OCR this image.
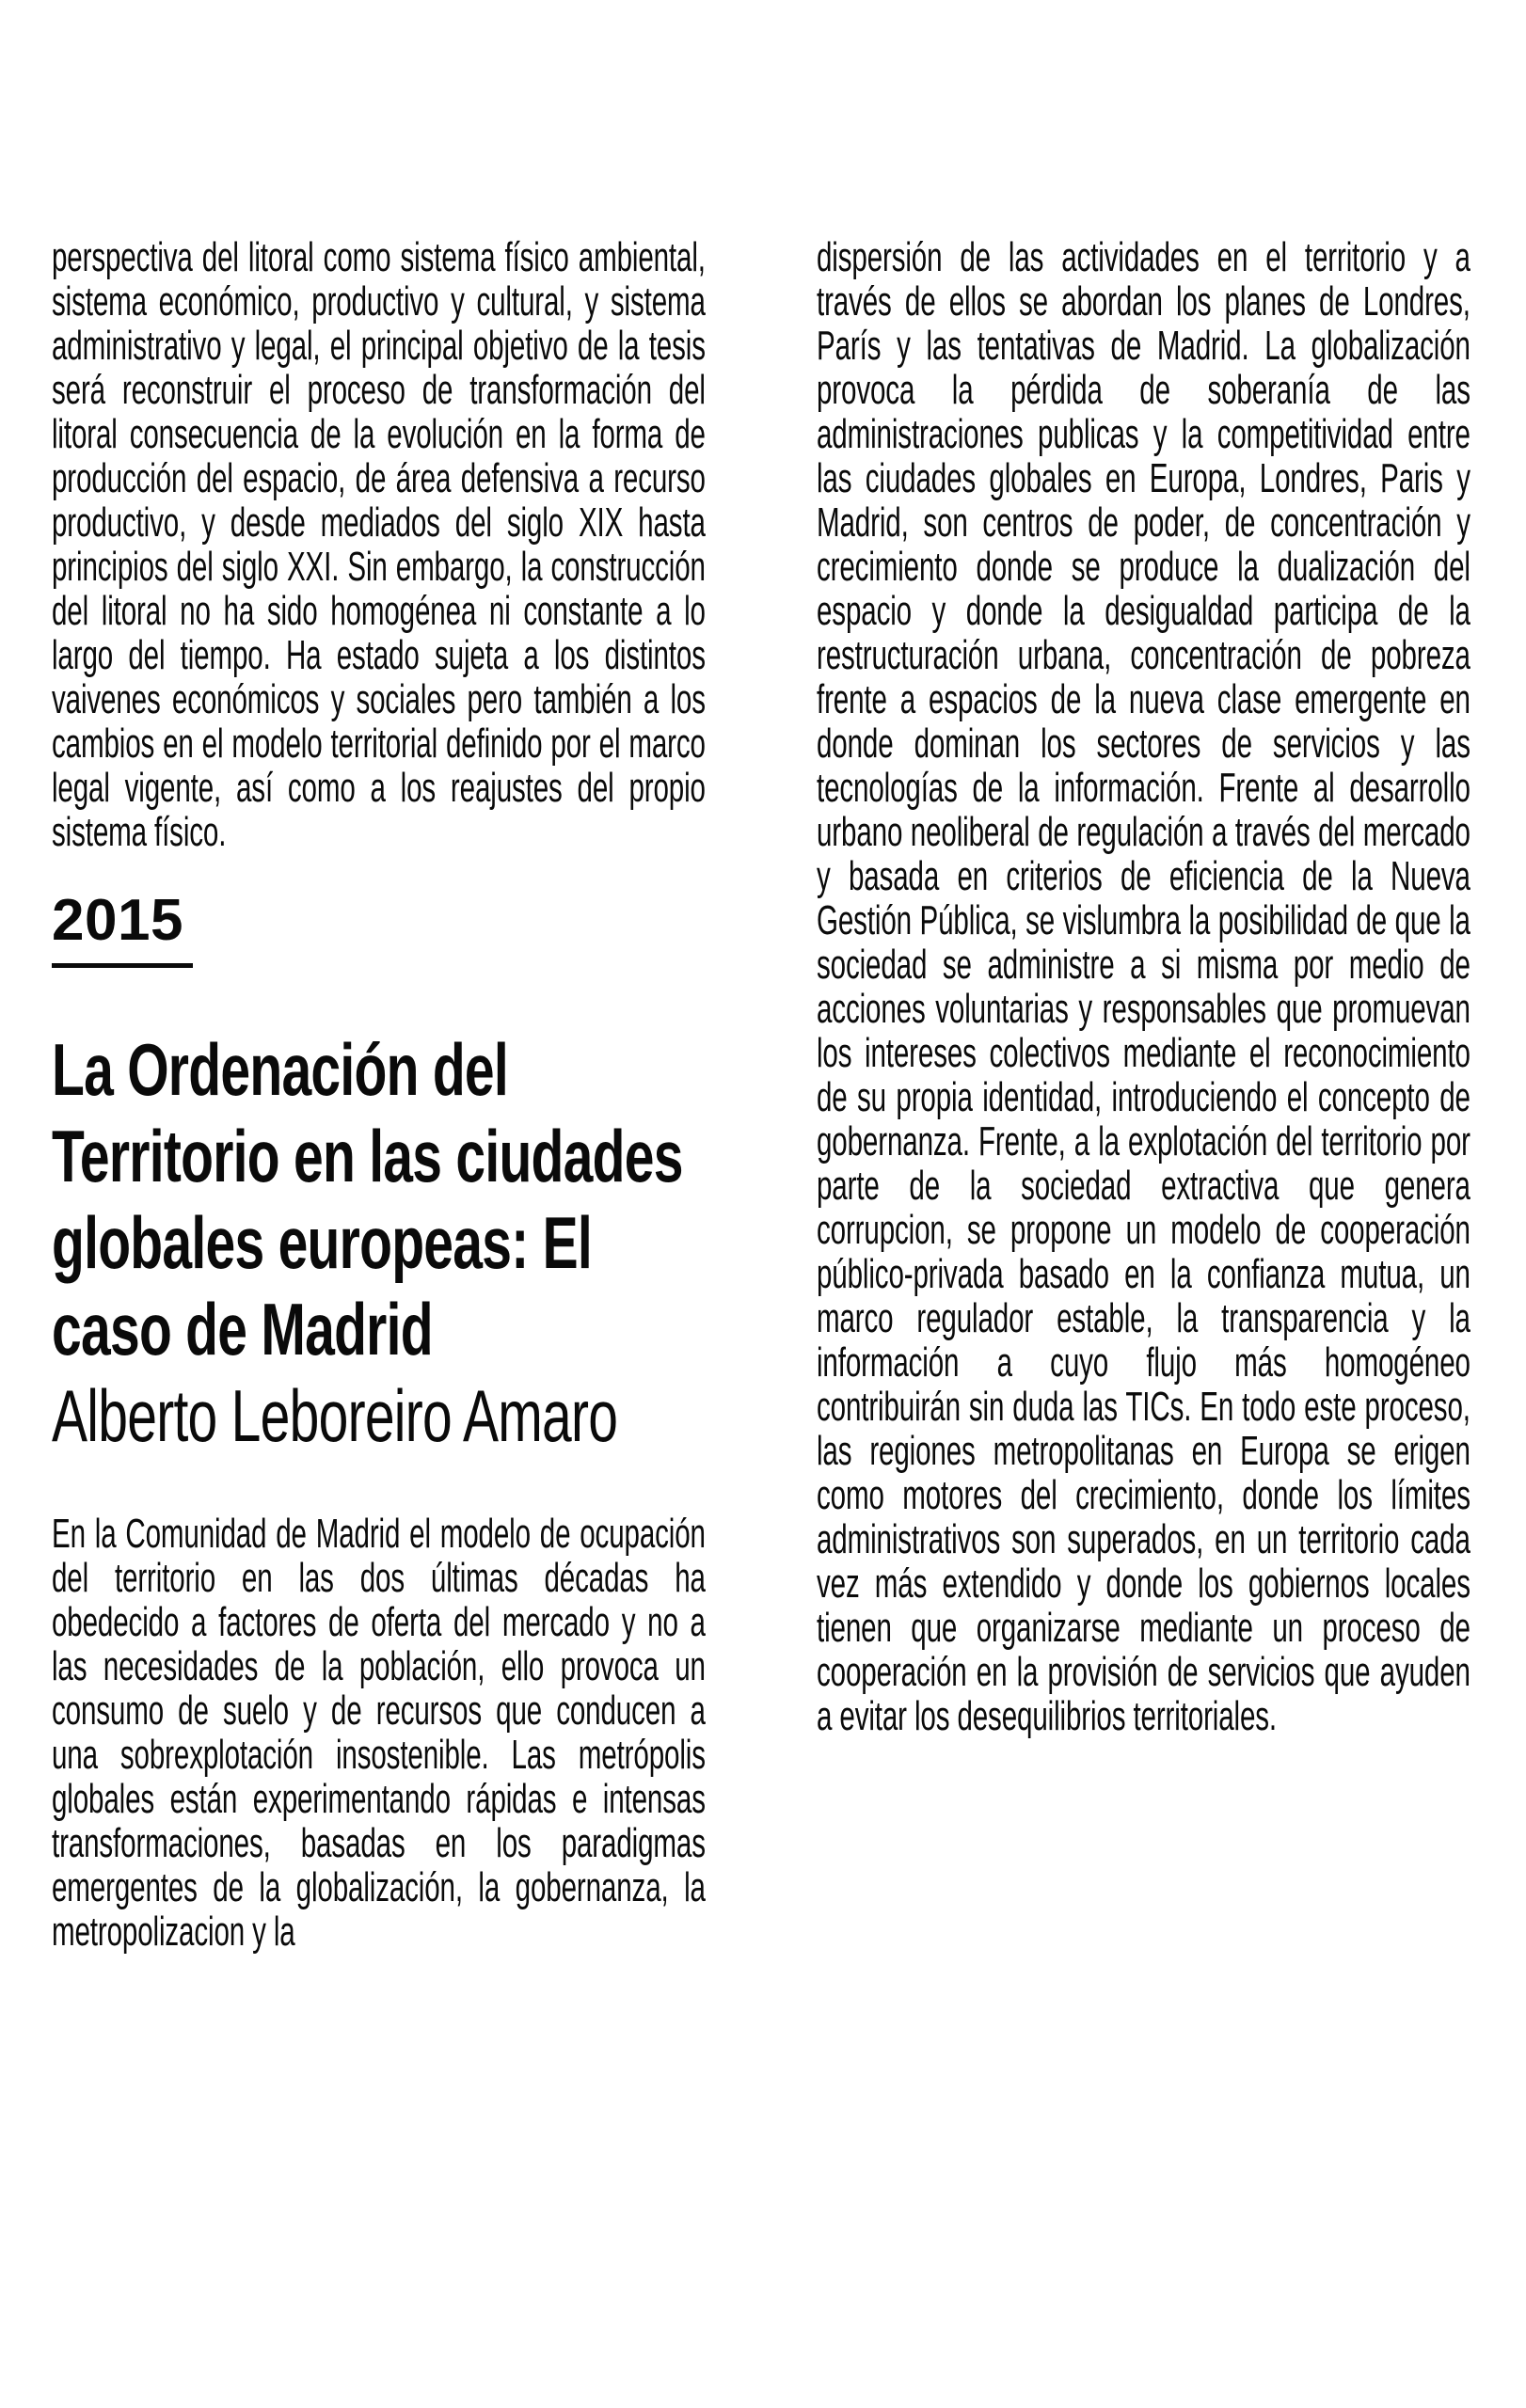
perspectiva del litoral como sistema físico ambiental, sistema económico, productivo y cultural, y sistema administrativo y legal, el principal objetivo de la tesis será reconstruir el proceso de transformación del litoral consecuencia de la evolución en la forma de producción del espacio, de área defensiva a recurso productivo, y desde mediados del siglo XIX hasta principios del siglo XXI. Sin embargo, la construcción del litoral no ha sido homogénea ni constante a lo largo del tiempo. Ha estado sujeta a los distintos vaivenes económicos y sociales pero también a los cambios en el modelo territorial definido por el marco legal vigente, así como a los reajustes del propio sistema físico.

2015
La Ordenación del Territorio en las ciudades globales europeas: El caso de Madrid
Alberto Leboreiro Amaro

En la Comunidad de Madrid el modelo de ocupación del territorio en las dos últimas décadas ha obedecido a factores de oferta del mercado y no a las necesidades de la población, ello provoca un consumo de suelo y de recursos que conducen a una sobrexplotación insostenible. Las metrópolis globales están experimentando rápidas e intensas transformaciones, basadas en los paradigmas emergentes de la globalización, la gobernanza, la metropolizacion y la

dispersión de las actividades en el territorio y a través de ellos se abordan los planes de Londres, París y las tentativas de Madrid. La globalización provoca la pérdida de soberanía de las administraciones publicas y la competitividad entre las ciudades globales en Europa, Londres, Paris y Madrid, son centros de poder, de concentración y crecimiento donde se produce la dualización del espacio y donde la desigualdad participa de la restructuración urbana, concentración de pobreza frente a espacios de la nueva clase emergente en donde dominan los sectores de servicios y las tecnologías de la información. Frente al desarrollo urbano neoliberal de regulación a través del mercado y basada en criterios de eficiencia de la Nueva Gestión Pública, se vislumbra la posibilidad de que la sociedad se administre a si misma por medio de acciones voluntarias y responsables que promuevan los intereses colectivos mediante el reconocimiento de su propia identidad, introduciendo el concepto de gobernanza. Frente, a la explotación del territorio por parte de la sociedad extractiva que genera corrupcion, se propone un modelo de cooperación público-privada basado en la confianza mutua, un marco regulador estable, la transparencia y la información a cuyo flujo más homogéneo contribuirán sin duda las TICs. En todo este proceso, las regiones metropolitanas en Europa se erigen como motores del crecimiento, donde los límites administrativos son superados, en un territorio cada vez más extendido y donde los gobiernos locales tienen que organizarse mediante un proceso de cooperación en la provisión de servicios que ayuden a evitar los desequilibrios territoriales.
